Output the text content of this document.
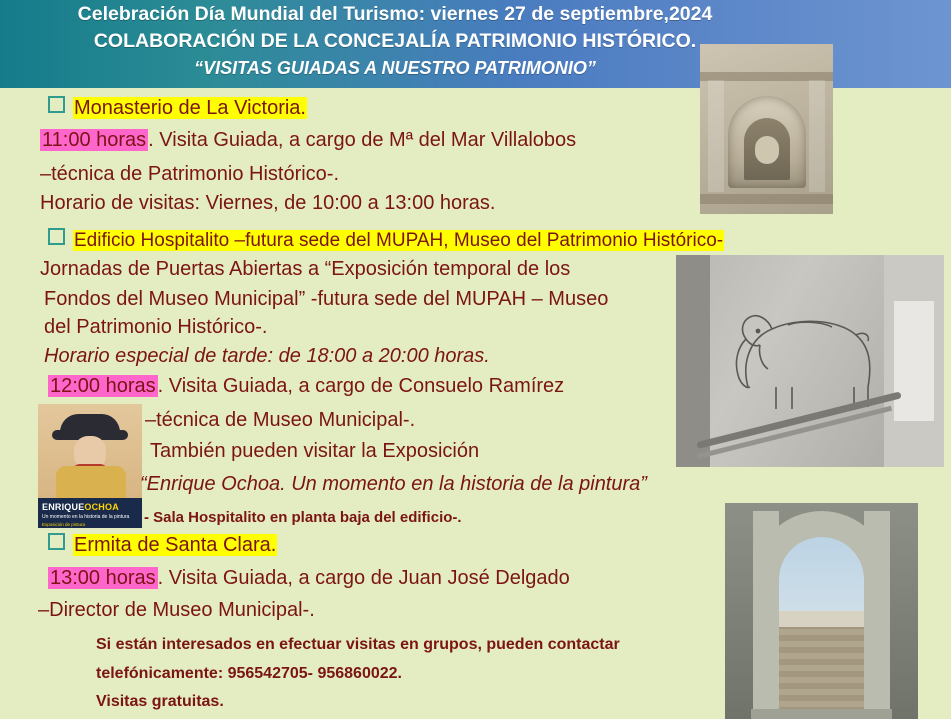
Celebración Día Mundial del Turismo: viernes 27 de septiembre,2024
COLABORACIÓN DE LA CONCEJALÍA PATRIMONIO HISTÓRICO.
“VISITAS GUIADAS A NUESTRO PATRIMONIO”
ENRIQUEOCHOA
Un momento en la historia de la pintura
Exposición de pintura
Monasterio de La Victoria.
11:00 horas . Visita Guiada, a cargo de Mª del Mar Villalobos
–técnica de Patrimonio Histórico-.
Horario de visitas: Viernes, de 10:00 a 13:00 horas.
Edificio Hospitalito –futura sede del MUPAH, Museo del Patrimonio Histórico-
Jornadas de Puertas Abiertas a “Exposición temporal de los
Fondos del Museo Municipal” -futura sede del MUPAH – Museo
del Patrimonio Histórico-.
Horario especial de tarde: de 18:00 a 20:00 horas.
12:00 horas . Visita Guiada, a cargo de Consuelo Ramírez
–técnica de Museo Municipal-.
También pueden visitar la Exposición
“Enrique Ochoa. Un momento en la historia de la pintura”
- Sala Hospitalito en planta baja del edificio-.
Ermita de Santa Clara.
13:00 horas . Visita Guiada, a cargo de Juan José Delgado
–Director de Museo Municipal-.
Si están interesados en efectuar visitas en grupos, pueden contactar
telefónicamente: 956542705- 956860022.
Visitas gratuitas.
